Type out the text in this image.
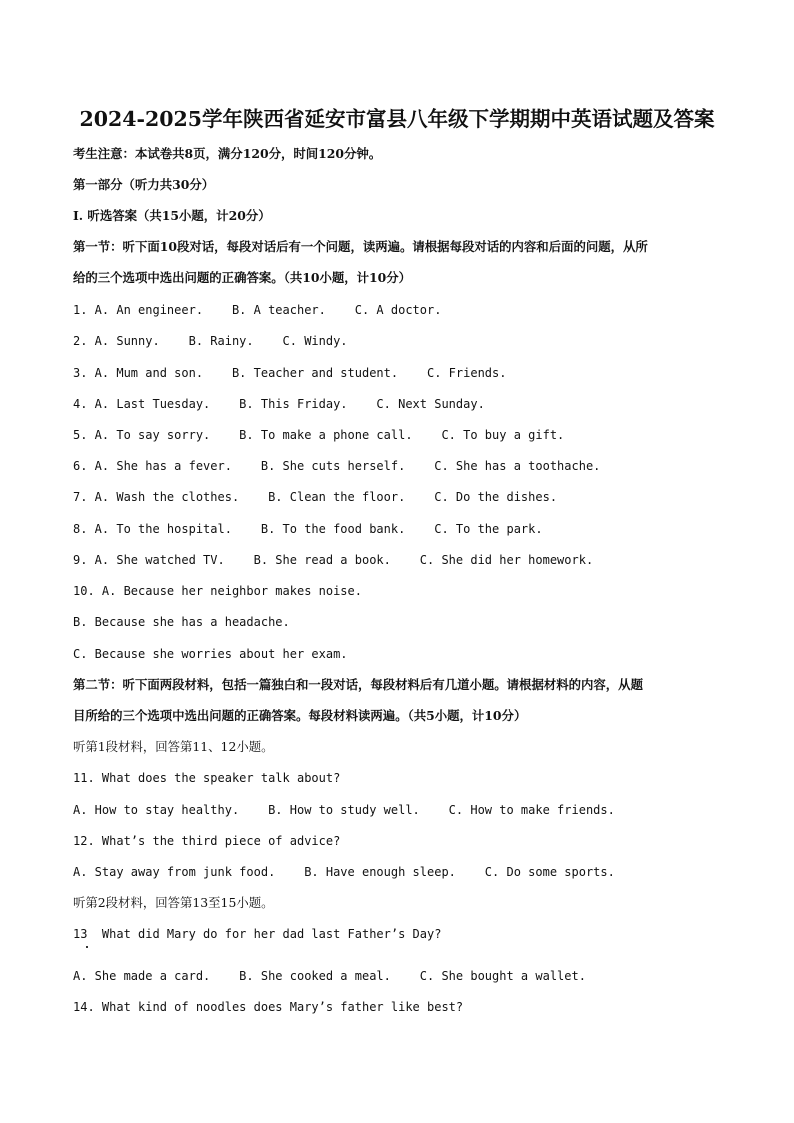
2024-2025学年陕西省延安市富县八年级下学期期中英语试题及答案
考生注意：本试卷共8页，满分120分，时间120分钟。
第一部分（听力共30分）
Ⅰ. 听选答案（共15小题，计20分）
第一节：听下面10段对话，每段对话后有一个问题，读两遍。请根据每段对话的内容和后面的问题，从所
给的三个选项中选出问题的正确答案。（共10小题，计10分）
1. A. An engineer.    B. A teacher.    C. A doctor.
2. A. Sunny.    B. Rainy.    C. Windy.
3. A. Mum and son.    B. Teacher and student.    C. Friends.
4. A. Last Tuesday.    B. This Friday.    C. Next Sunday.
5. A. To say sorry.    B. To make a phone call.    C. To buy a gift.
6. A. She has a fever.    B. She cuts herself.    C. She has a toothache.
7. A. Wash the clothes.    B. Clean the floor.    C. Do the dishes.
8. A. To the hospital.    B. To the food bank.    C. To the park.
9. A. She watched TV.    B. She read a book.    C. She did her homework.
10. A. Because her neighbor makes noise.
B. Because she has a headache.
C. Because she worries about her exam.
第二节：听下面两段材料，包括一篇独白和一段对话，每段材料后有几道小题。请根据材料的内容，从题
目所给的三个选项中选出问题的正确答案。每段材料读两遍。（共5小题，计10分）
听第1段材料，回答第11、12小题。
11. What does the speaker talk about?
A. How to stay healthy.    B. How to study well.    C. How to make friends.
12. What’s the third piece of advice?
A. Stay away from junk food.    B. Have enough sleep.    C. Do some sports.
听第2段材料，回答第13至15小题。
13  What did Mary do for her dad last Father’s Day?
A. She made a card.    B. She cooked a meal.    C. She bought a wallet.
14. What kind of noodles does Mary’s father like best?
